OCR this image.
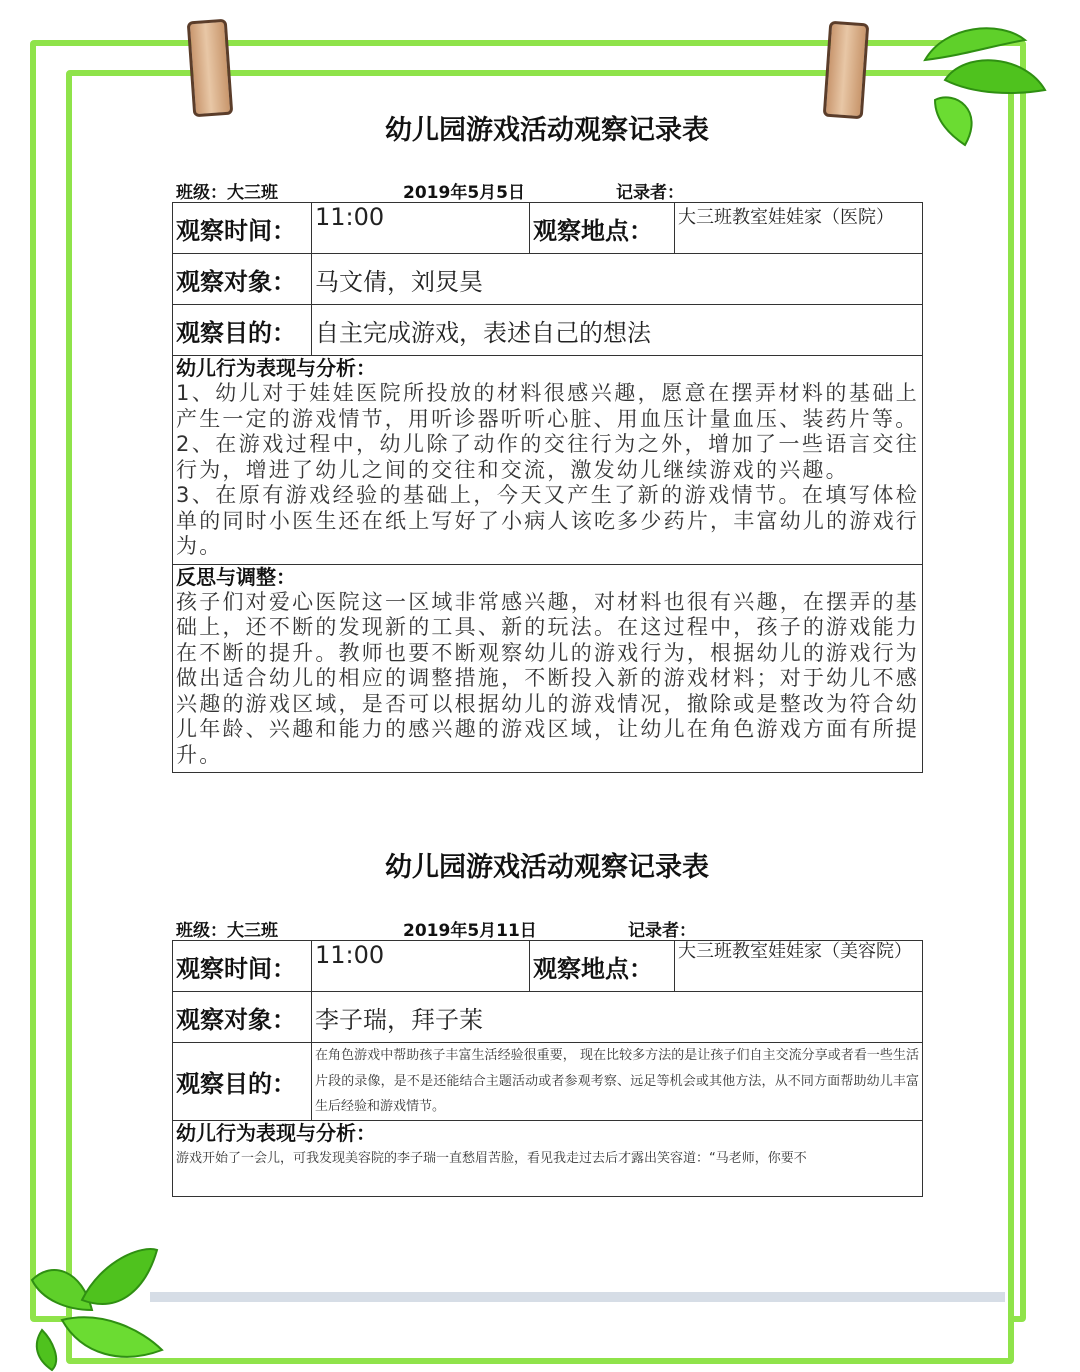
幼儿园游戏活动观察记录表
班级：大三班	2019年5月5日	记录者：
观察时间：	11:00	观察地点：	大三班教室娃娃家（医院）
观察对象：	马文倩，刘炅昊		
观察目的：	自主完成游戏，表述自己的想法		

幼儿行为表现与分析：
1、幼儿对于娃娃医院所投放的材料很感兴趣，愿意在摆弄材料的基础上产生一定的游戏情节，用听诊器听听心脏、用血压计量血压、装药片等。
2、在游戏过程中，幼儿除了动作的交往行为之外，增加了一些语言交往行为，增进了幼儿之间的交往和交流，激发幼儿继续游戏的兴趣。
3、在原有游戏经验的基础上，今天又产生了新的游戏情节。在填写体检单的同时小医生还在纸上写好了小病人该吃多少药片，丰富幼儿的游戏行为。			

反思与调整：
孩子们对爱心医院这一区域非常感兴趣，对材料也很有兴趣，在摆弄的基础上，还不断的发现新的工具、新的玩法。在这过程中，孩子的游戏能力在不断的提升。教师也要不断观察幼儿的游戏行为，根据幼儿的游戏行为做出适合幼儿的相应的调整措施，不断投入新的游戏材料；对于幼儿不感兴趣的游戏区域，是否可以根据幼儿的游戏情况，撤除或是整改为符合幼儿年龄、兴趣和能力的感兴趣的游戏区域，让幼儿在角色游戏方面有所提升。			
幼儿园游戏活动观察记录表
班级：大三班	2019年5月11日	记录者：
观察时间：	11:00	观察地点：	大三班教室娃娃家（美容院）
观察对象：	李子瑞，拜子茉		
观察目的：	在角色游戏中帮助孩子丰富生活经验很重要， 现在比较多方法的是让孩子们自主交流分享或者看一些生活片段的录像，是不是还能结合主题活动或者参观考察、远足等机会或其他方法，从不同方面帮助幼儿丰富生后经验和游戏情节。		

幼儿行为表现与分析：
游戏开始了一会儿，可我发现美容院的李子瑞一直愁眉苦脸，看见我走过去后才露出笑容道：“马老师，你要不			
